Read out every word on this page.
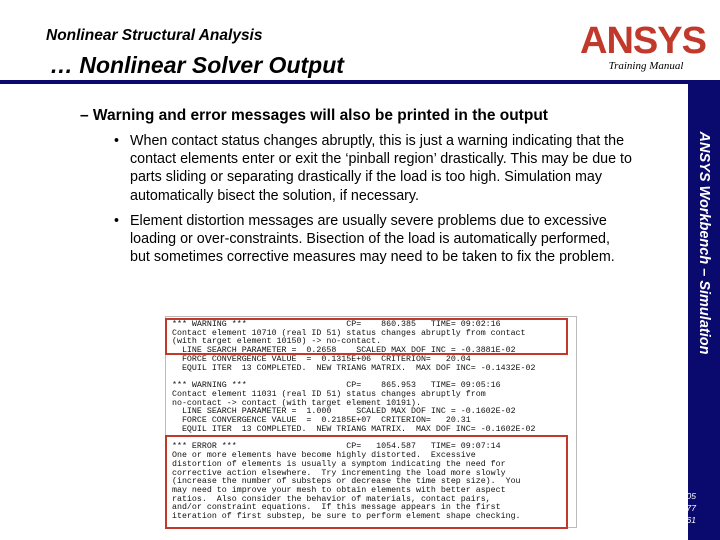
Nonlinear Structural Analysis
… Nonlinear Solver Output
ANSYS
Training Manual
ANSYS Workbench – Simulation
– Warning and error messages will also be printed in the output
• When contact status changes abruptly, this is just a warning indicating that the contact elements enter or exit the ‘pinball region’ drastically. This may be due to parts sliding or separating drastically if the load is too high. Simulation may automatically bisect the solution, if necessary.
• Element distortion messages are usually severe problems due to excessive loading or over-constraints. Bisection of the load is automatically performed, but sometimes corrective measures may need to be taken to fix the problem.
*** WARNING ***                    CP=    860.385   TIME= 09:02:16
Contact element 10710 (real ID 51) status changes abruptly from contact
(with target element 10150) -> no-contact.
LINE SEARCH PARAMETER =  0.2658    SCALED MAX DOF INC = -0.3881E-02
FORCE CONVERGENCE VALUE  =  0.1315E+06  CRITERION=   20.04
EQUIL ITER  13 COMPLETED.  NEW TRIANG MATRIX.  MAX DOF INC= -0.1432E-02
*** WARNING ***                    CP=    865.953   TIME= 09:05:16
Contact element 11031 (real ID 51) status changes abruptly from
no-contact -> contact (with target element 10191).
LINE SEARCH PARAMETER =  1.000     SCALED MAX DOF INC = -0.1602E-02
FORCE CONVERGENCE VALUE  =  0.2185E+07  CRITERION=   20.31
EQUIL ITER  13 COMPLETED.  NEW TRIANG MATRIX.  MAX DOF INC= -0.1602E-02
*** ERROR ***                      CP=   1054.587   TIME= 09:07:14
One or more elements have become highly distorted.  Excessive
distortion of elements is usually a symptom indicating the need for
corrective action elsewhere.  Try incrementing the load more slowly
(increase the number of substeps or decrease the time step size).  You
may need to improve your mesh to obtain elements with better aspect
ratios.  Also consider the behavior of materials, contact pairs,
and/or constraint equations.  If this message appears in the first
iteration of first substep, be sure to perform element shape checking.
February 4, 2005
Inventory #002177
2-61
